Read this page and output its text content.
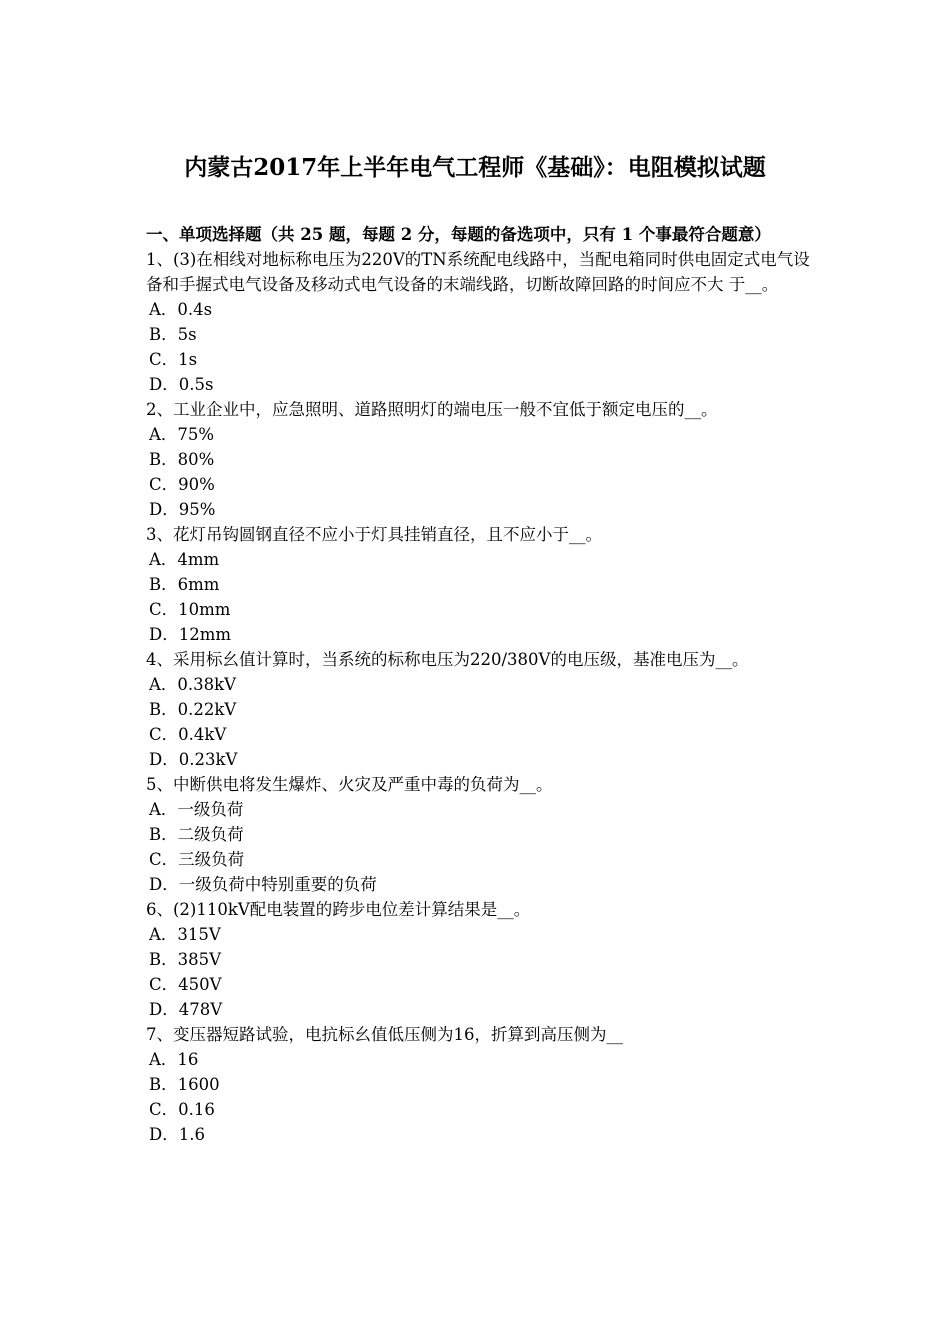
内蒙古2017年上半年电气工程师《基础》：电阻模拟试题
一、单项选择题（共 25 题，每题 2 分，每题的备选项中，只有 1 个事最符合题意）
1、(3)在相线对地标称电压为220V的TN系统配电线路中，当配电箱同时供电固定式电气设备和手握式电气设备及移动式电气设备的末端线路，切断故障回路的时间应不大 于__。
A．0.4s
B．5s
C．1s
D．0.5s
2、工业企业中，应急照明、道路照明灯的端电压一般不宜低于额定电压的__。
A．75%
B．80%
C．90%
D．95%
3、花灯吊钩圆钢直径不应小于灯具挂销直径，且不应小于__。
A．4mm
B．6mm
C．10mm
D．12mm
4、采用标幺值计算时，当系统的标称电压为220/380V的电压级，基准电压为__。
A．0.38kV
B．0.22kV
C．0.4kV
D．0.23kV
5、中断供电将发生爆炸、火灾及严重中毒的负荷为__。
A．一级负荷
B．二级负荷
C．三级负荷
D．一级负荷中特别重要的负荷
6、(2)110kV配电装置的跨步电位差计算结果是__。
A．315V
B．385V
C．450V
D．478V
7、变压器短路试验，电抗标幺值低压侧为16，折算到高压侧为__
A．16
B．1600
C．0.16
D．1.6
